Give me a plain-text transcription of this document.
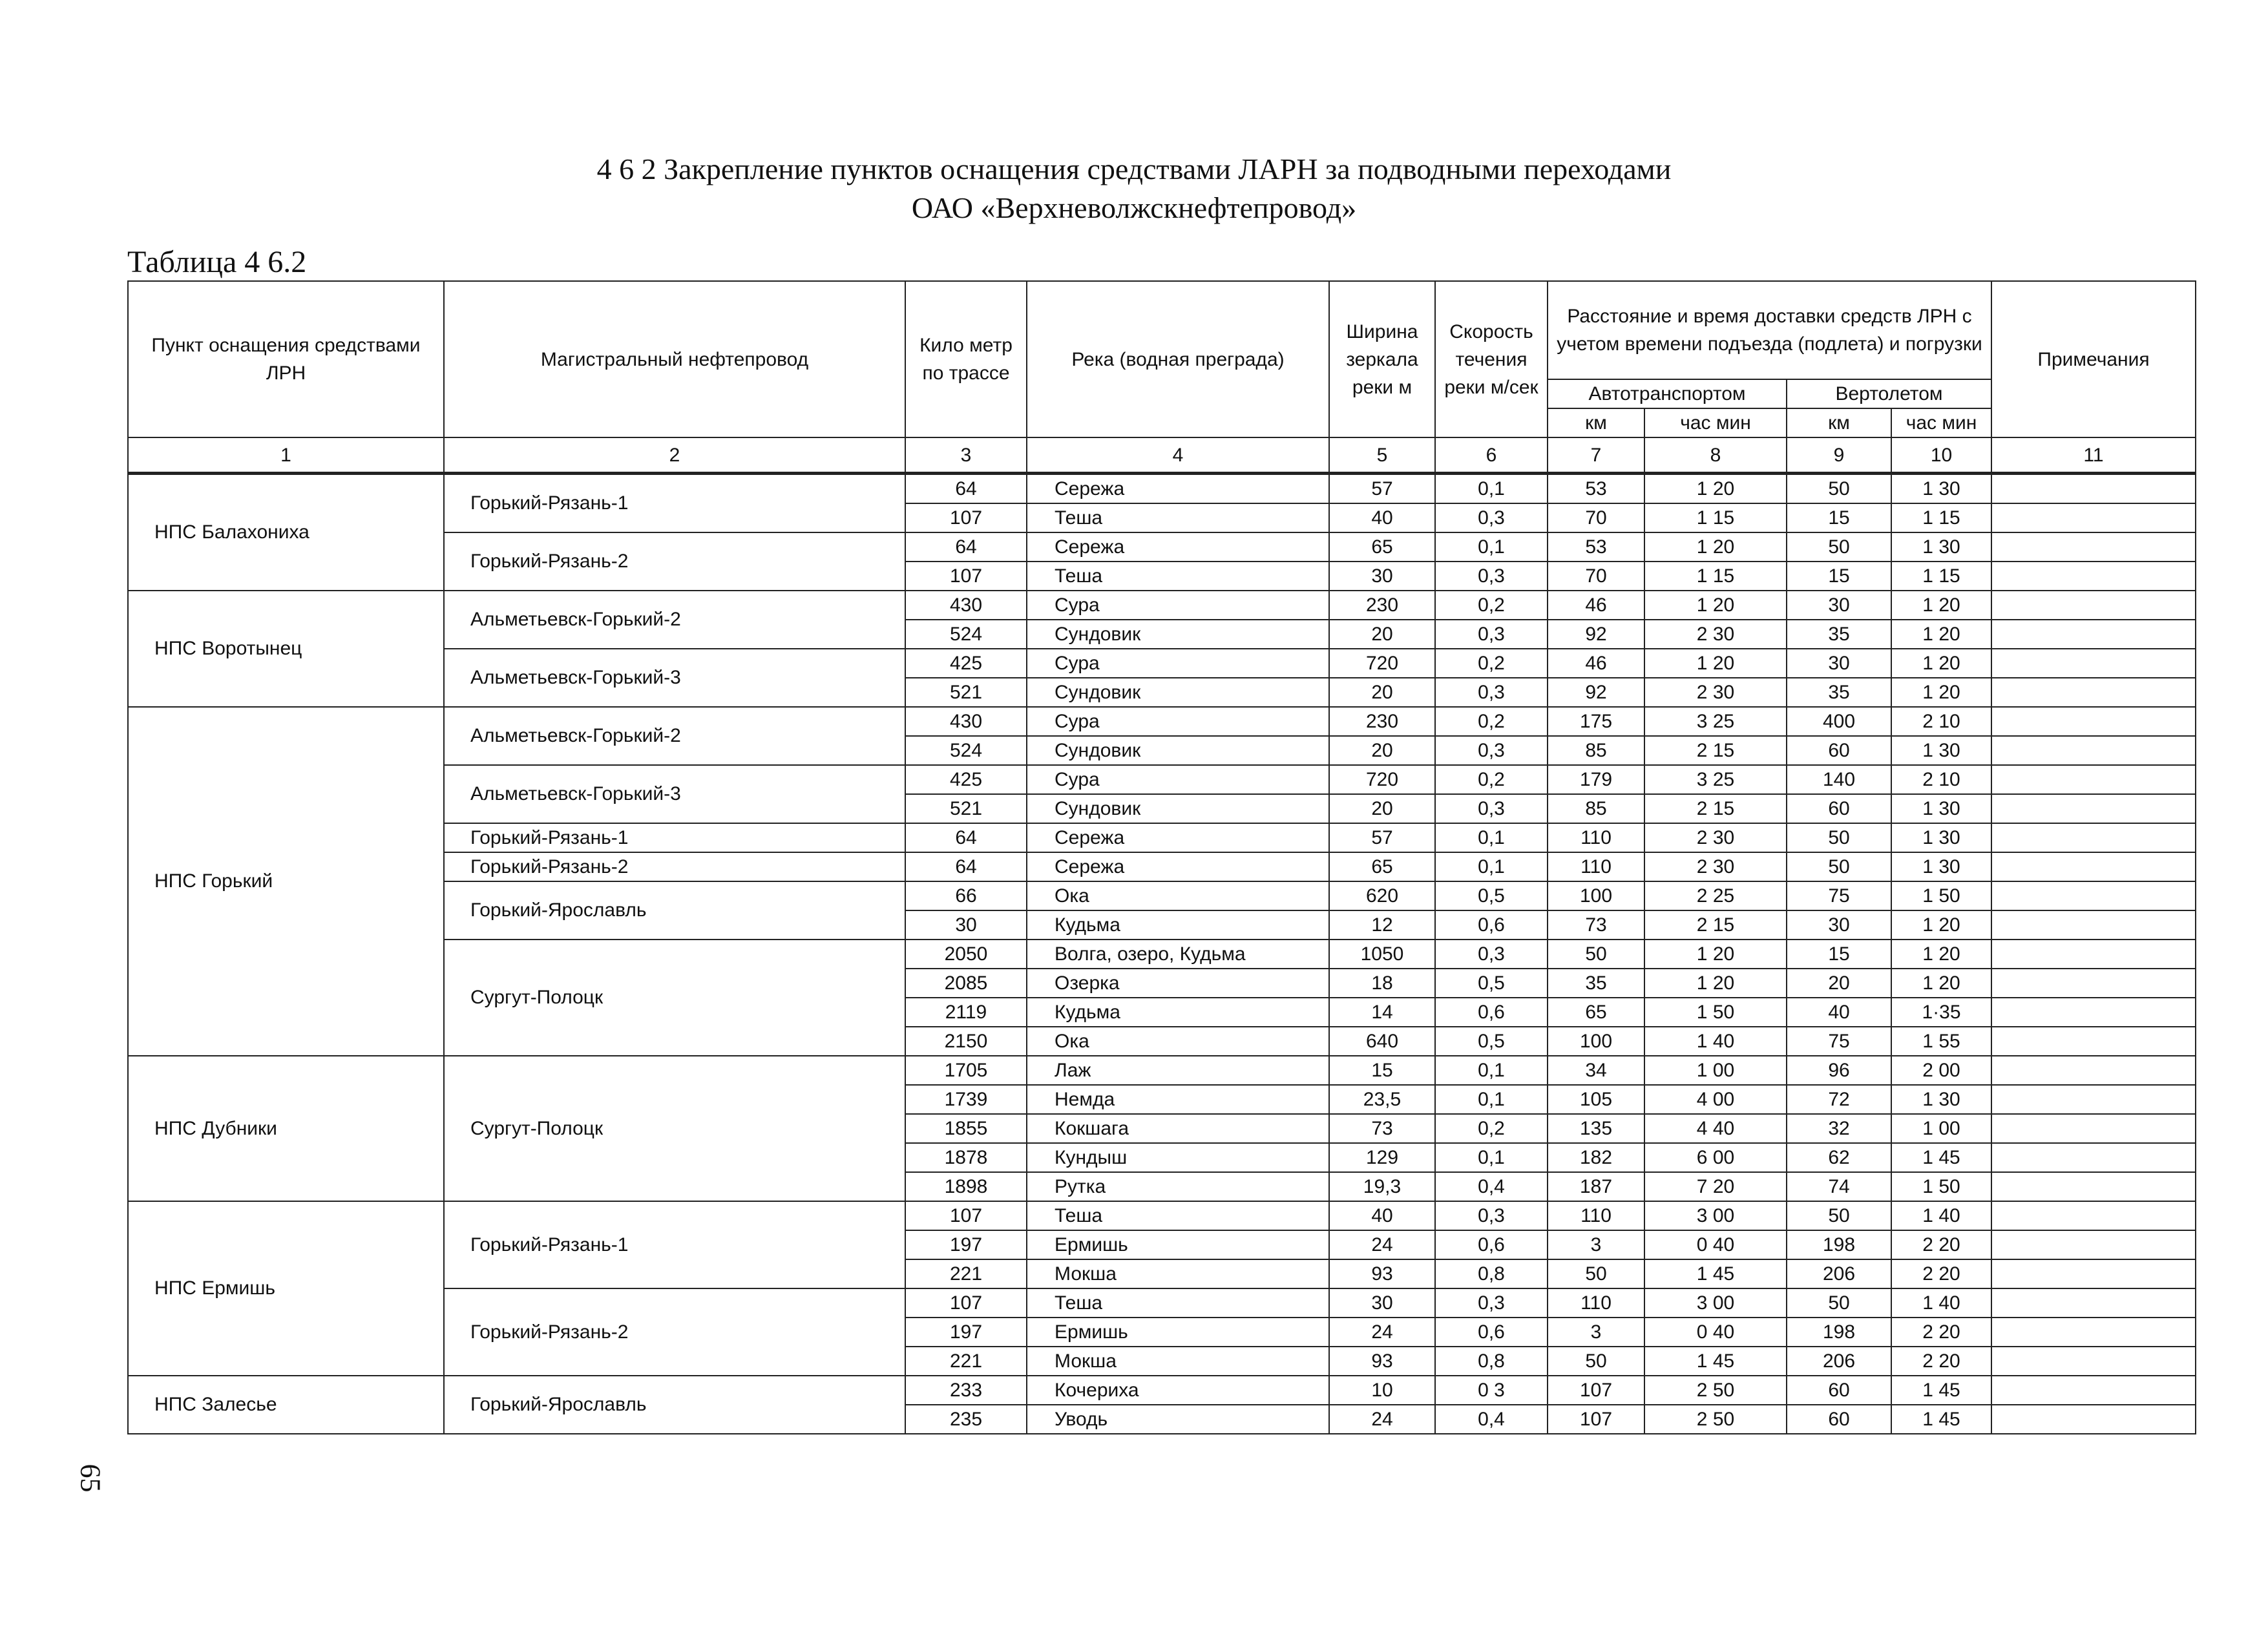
4 6 2 Закрепление пунктов оснащения средствами ЛАРН за подводными переходами
ОАО «Верхневолжскнефтепровод»
Таблица 4 6.2
65
Пункт оснащения средствами ЛРН	Магистральный нефтепровод	Кило метр по трассе	Река (водная преграда)	Ширина зеркала реки м	Скорость течения реки м/сек	Расстояние и время доставки средств ЛРН с учетом времени подъезда (подлета) и погрузки				Примечания
						Автотранспортом		Вертолетом		
						км	час мин	км	час мин	
1	2	3	4	5	6	7	8	9	10	11
НПС Балахониха	Горький-Рязань-1	64	Сережа	57	0,1	53	1 20	50	1 30	
		107	Теша	40	0,3	70	1 15	15	1 15	
	Горький-Рязань-2	64	Сережа	65	0,1	53	1 20	50	1 30	
		107	Теша	30	0,3	70	1 15	15	1 15	
НПС Воротынец	Альметьевск-Горький-2	430	Сура	230	0,2	46	1 20	30	1 20	
		524	Сундовик	20	0,3	92	2 30	35	1 20	
	Альметьевск-Горький-3	425	Сура	720	0,2	46	1 20	30	1 20	
		521	Сундовик	20	0,3	92	2 30	35	1 20	
НПС Горький	Альметьевск-Горький-2	430	Сура	230	0,2	175	3 25	400	2 10	
		524	Сундовик	20	0,3	85	2 15	60	1 30	
	Альметьевск-Горький-3	425	Сура	720	0,2	179	3 25	140	2 10	
		521	Сундовик	20	0,3	85	2 15	60	1 30	
	Горький-Рязань-1	64	Сережа	57	0,1	110	2 30	50	1 30	
	Горький-Рязань-2	64	Сережа	65	0,1	110	2 30	50	1 30	
	Горький-Ярославль	66	Ока	620	0,5	100	2 25	75	1 50	
		30	Кудьма	12	0,6	73	2 15	30	1 20	
	Сургут-Полоцк	2050	Волга, озеро, Кудьма	1050	0,3	50	1 20	15	1 20	
		2085	Озерка	18	0,5	35	1 20	20	1 20	
		2119	Кудьма	14	0,6	65	1 50	40	1·35	
		2150	Ока	640	0,5	100	1 40	75	1 55	
НПС Дубники	Сургут-Полоцк	1705	Лаж	15	0,1	34	1 00	96	2 00	
		1739	Немда	23,5	0,1	105	4 00	72	1 30	
		1855	Кокшага	73	0,2	135	4 40	32	1 00	
		1878	Кундыш	129	0,1	182	6 00	62	1 45	
		1898	Рутка	19,3	0,4	187	7 20	74	1 50	
НПС Ермишь	Горький-Рязань-1	107	Теша	40	0,3	110	3 00	50	1 40	
		197	Ермишь	24	0,6	3	0 40	198	2 20	
		221	Мокша	93	0,8	50	1 45	206	2 20	
	Горький-Рязань-2	107	Теша	30	0,3	110	3 00	50	1 40	
		197	Ермишь	24	0,6	3	0 40	198	2 20	
		221	Мокша	93	0,8	50	1 45	206	2 20	
НПС Залесье	Горький-Ярославль	233	Кочериха	10	0 3	107	2 50	60	1 45	
		235	Уводь	24	0,4	107	2 50	60	1 45	
